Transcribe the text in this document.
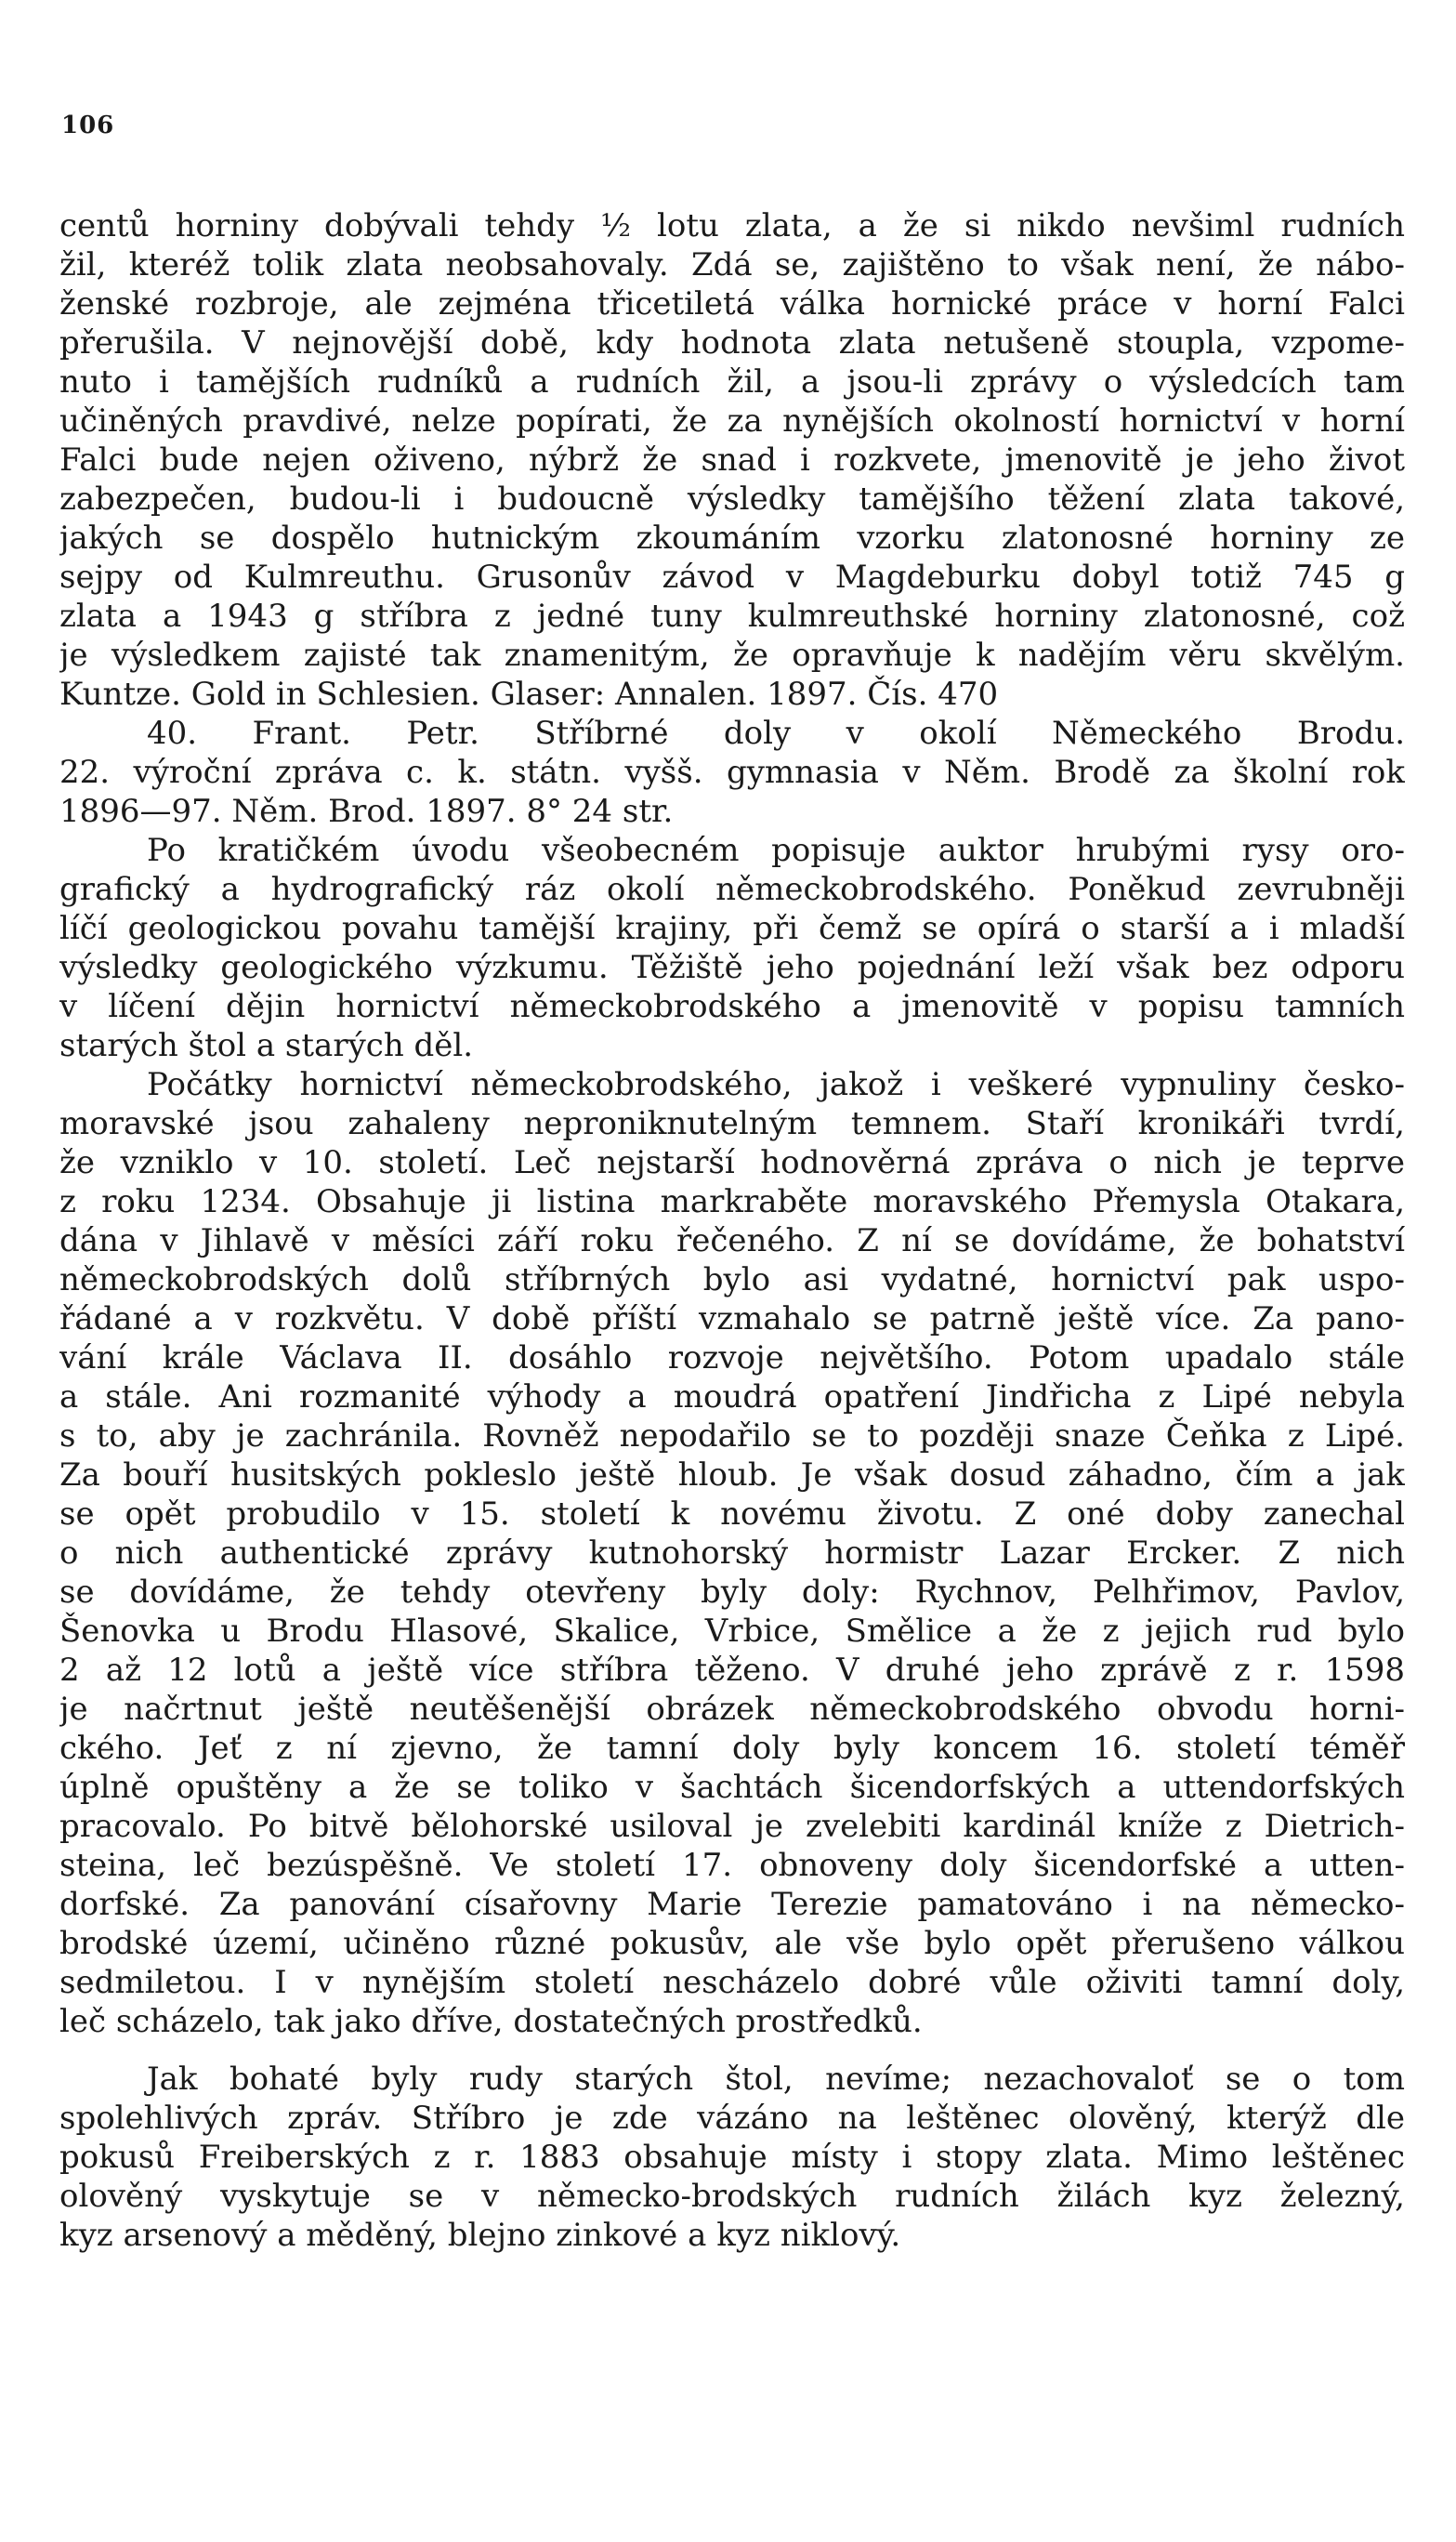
106
centů horniny dobývali tehdy ½ lotu zlata, a že si nikdo nevšiml rudních
žil, kteréž tolik zlata neobsahovaly. Zdá se, zajištěno to však není, že nábo-
ženské rozbroje, ale zejména třicetiletá válka hornické práce v horní Falci
přerušila. V nejnovější době, kdy hodnota zlata netušeně stoupla, vzpome-
nuto i tamějších rudníků a rudních žil, a jsou-li zprávy o výsledcích tam
učiněných pravdivé, nelze popírati, že za nynějších okolností hornictví v horní
Falci bude nejen oživeno, nýbrž že snad i rozkvete, jmenovitě je jeho život
zabezpečen, budou-li i budoucně výsledky tamějšího těžení zlata takové,
jakých se dospělo hutnickým zkoumáním vzorku zlatonosné horniny ze
sejpy od Kulmreuthu. Grusonův závod v Magdeburku dobyl totiž 745 g
zlata a 1943 g stříbra z jedné tuny kulmreuthské horniny zlatonosné, což
je výsledkem zajisté tak znamenitým, že opravňuje k nadějím věru skvělým.
Kuntze. Gold in Schlesien. Glaser: Annalen. 1897. Čís. 470
40. Frant. Petr. Stříbrné doly v okolí Německého Brodu.
22. výroční zpráva c. k. státn. vyšš. gymnasia v Něm. Brodě za školní rok
1896—97. Něm. Brod. 1897. 8° 24 str.
Po kratičkém úvodu všeobecném popisuje auktor hrubými rysy oro-
grafický a hydrografický ráz okolí německobrodského. Poněkud zevrubněji
líčí geologickou povahu tamější krajiny, při čemž se opírá o starší a i mladší
výsledky geologického výzkumu. Těžiště jeho pojednání leží však bez odporu
v líčení dějin hornictví německobrodského a jmenovitě v popisu tamních
starých štol a starých děl.
Počátky hornictví německobrodského, jakož i veškeré vypnuliny česko-
moravské jsou zahaleny neproniknutelným temnem. Staří kronikáři tvrdí,
že vzniklo v 10. století. Leč nejstarší hodnověrná zpráva o nich je teprve
z roku 1234. Obsahuje ji listina markraběte moravského Přemysla Otakara,
dána v Jihlavě v měsíci září roku řečeného. Z ní se dovídáme, že bohatství
německobrodských dolů stříbrných bylo asi vydatné, hornictví pak uspo-
řádané a v rozkvětu. V době příští vzmahalo se patrně ještě více. Za pano-
vání krále Václava II. dosáhlo rozvoje největšího. Potom upadalo stále
a stále. Ani rozmanité výhody a moudrá opatření Jindřicha z Lipé nebyla
s to, aby je zachránila. Rovněž nepodařilo se to později snaze Čeňka z Lipé.
Za bouří husitských pokleslo ještě hloub. Je však dosud záhadno, čím a jak
se opět probudilo v 15. století k novému životu. Z oné doby zanechal
o nich authentické zprávy kutnohorský hormistr Lazar Ercker. Z nich
se dovídáme, že tehdy otevřeny byly doly: Rychnov, Pelhřimov, Pavlov,
Šenovka u Brodu Hlasové, Skalice, Vrbice, Smělice a že z jejich rud bylo
2 až 12 lotů a ještě více stříbra těženo. V druhé jeho zprávě z r. 1598
je načrtnut ještě neutěšenější obrázek německobrodského obvodu horni-
ckého. Jeť z ní zjevno, že tamní doly byly koncem 16. století téměř
úplně opuštěny a že se toliko v šachtách šicendorfských a uttendorfských
pracovalo. Po bitvě bělohorské usiloval je zvelebiti kardinál kníže z Dietrich-
steina, leč bezúspěšně. Ve století 17. obnoveny doly šicendorfské a utten-
dorfské. Za panování císařovny Marie Terezie pamatováno i na německo-
brodské území, učiněno různé pokusův, ale vše bylo opět přerušeno válkou
sedmiletou. I v nynějším století nescházelo dobré vůle oživiti tamní doly,
leč scházelo, tak jako dříve, dostatečných prostředků.
Jak bohaté byly rudy starých štol, nevíme; nezachovaloť se o tom
spolehlivých zpráv. Stříbro je zde vázáno na leštěnec olověný, kterýž dle
pokusů Freiberských z r. 1883 obsahuje místy i stopy zlata. Mimo leštěnec
olověný vyskytuje se v německo-brodských rudních žilách kyz železný,
kyz arsenový a měděný, blejno zinkové a kyz niklový.
